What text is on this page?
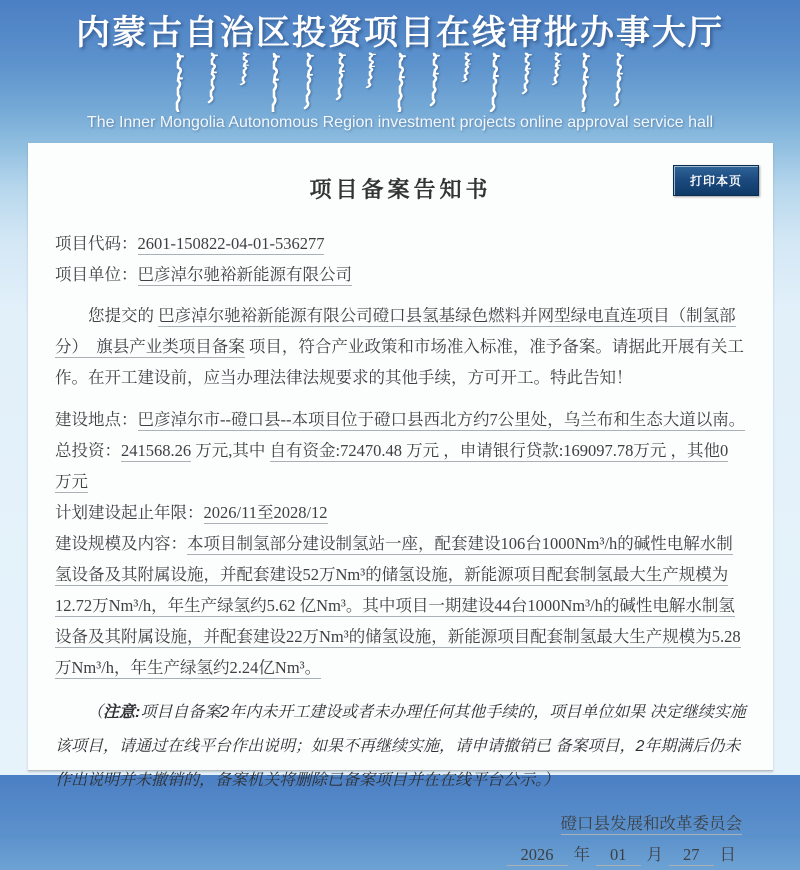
内蒙古自治区投资项目在线审批办事大厅
The Inner Mongolia Autonomous Region investment projects online approval service hall
打印本页
项目备案告知书

项目代码：2601-150822-04-01-536277

项目单位：巴彦淖尔驰裕新能源有限公司

您提交的 巴彦淖尔驰裕新能源有限公司磴口县氢基绿色燃料并网型绿电直连项目（制氢部分）　 旗县产业类项目备案 项目，符合产业政策和市场准入标准，准予备案。请据此开展有关工作。在开工建设前，应当办理法律法规要求的其他手续，方可开工。特此告知！

建设地点：巴彦淖尔市--磴口县--本项目位于磴口县西北方约7公里处，乌兰布和生态大道以南。

总投资：241568.26 万元,其中 自有资金:72470.48 万元 ，申请银行贷款:169097.78万元 ，其他0 万元

计划建设起止年限：2026/11至2028/12

建设规模及内容：本项目制氢部分建设制氢站一座，配套建设106台1000Nm³/h的碱性电解水制氢设备及其附属设施，并配套建设52万Nm³的储氢设施，新能源项目配套制氢最大生产规模为12.72万Nm³/h，年生产绿氢约5.62 亿Nm³。其中项目一期建设44台1000Nm³/h的碱性电解水制氢设备及其附属设施，并配套建设22万Nm³的储氢设施，新能源项目配套制氢最大生产规模为5.28万Nm³/h，年生产绿氢约2.24亿Nm³。

（注意:项目自备案2年内未开工建设或者未办理任何其他手续的，项目单位如果 决定继续实施该项目，请通过在线平台作出说明；如果不再继续实施，请申请撤销已 备案项目，2年期满后仍未作出说明并未撤销的，备案机关将删除已备案项目并在在线平台公示。）

磴口县发展和改革委员会

2026 年 01 月 27 日
